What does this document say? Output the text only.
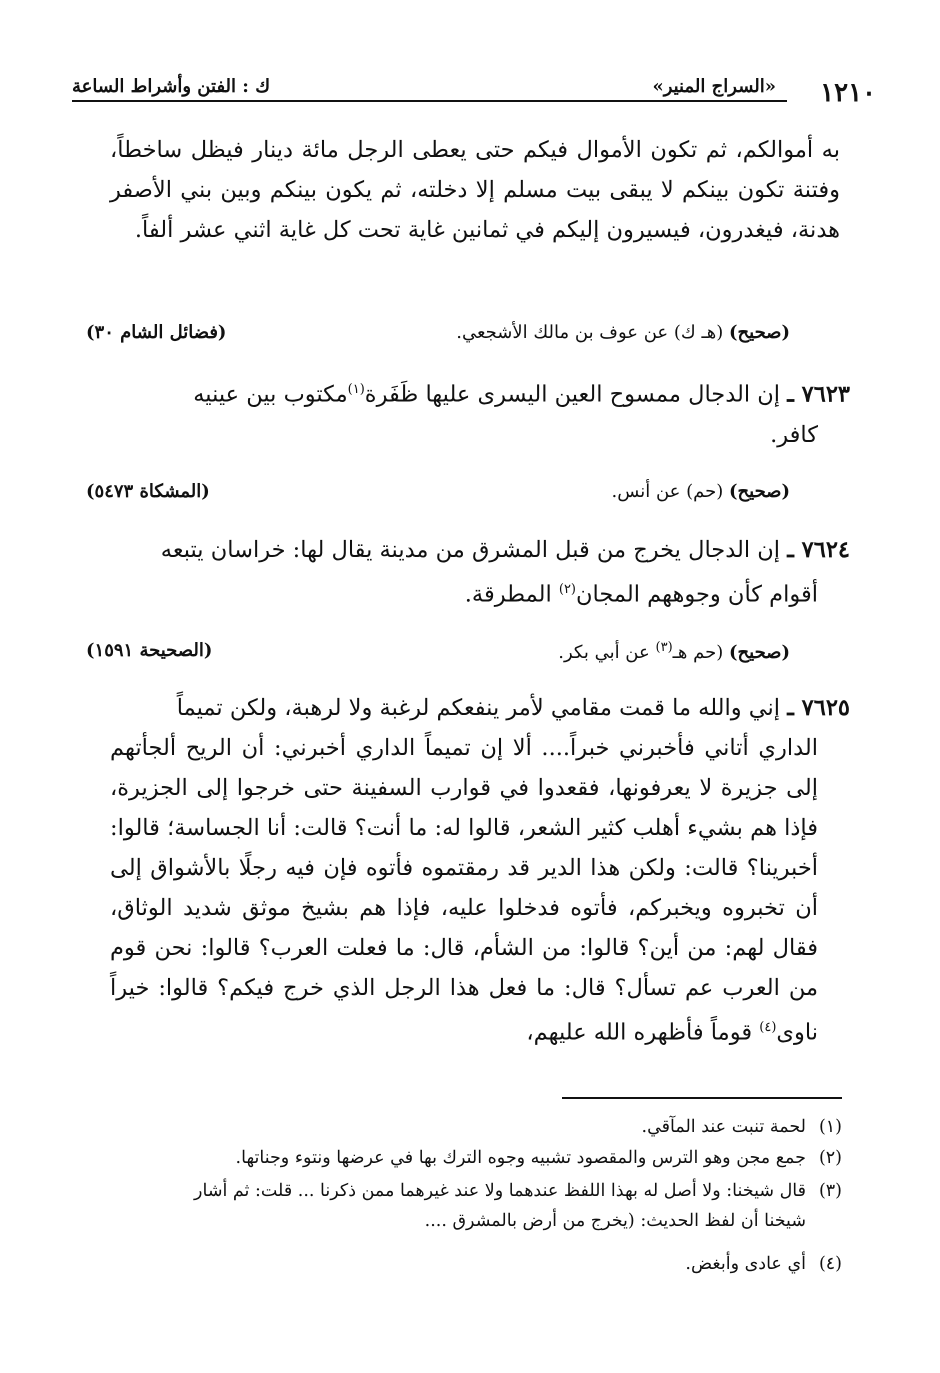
١٢١٠
«السراج المنير»
ك : الفتن وأشراط الساعة
به أموالكم، ثم تكون الأموال فيكم حتى يعطى الرجل مائة دينار فيظل ساخطاً، وفتنة تكون بينكم لا يبقى بيت مسلم إلا دخلته، ثم يكون بينكم وبين بني الأصفر هدنة، فيغدرون، فيسيرون إليكم في ثمانين غاية تحت كل غاية اثني عشر ألفاً.
(صحيح) (هـ ك) عن عوف بن مالك الأشجعي.
(فضائل الشام ٣٠)
٧٦٢٣ ـ إن الدجال ممسوح العين اليسرى عليها ظَفَرة$^{(١)}$مكتوب بين عينيه
كافر.
(صحيح) (حم) عن أنس.
(المشكاة ٥٤٧٣)
٧٦٢٤ ـ إن الدجال يخرج من قبل المشرق من مدينة يقال لها: خراسان يتبعه
أقوام كأن وجوههم المجان$^{(٢)}$ المطرقة.
(صحيح) (حم هـ$^{(٣)}$ عن أبي بكر.
(الصحيحة ١٥٩١)
٧٦٢٥ ـ إني والله ما قمت مقامي لأمر ينفعكم لرغبة ولا لرهبة، ولكن تميماً
الداري أتاني فأخبرني خبراً.... ألا إن تميماً الداري أخبرني: أن الريح ألجأتهم إلى جزيرة لا يعرفونها، فقعدوا في قوارب السفينة حتى خرجوا إلى الجزيرة، فإذا هم بشيء أهلب كثير الشعر، قالوا له: ما أنت؟ قالت: أنا الجساسة؛ قالوا: أخبرينا؟ قالت: ولكن هذا الدير قد رمقتموه فأتوه فإن فيه رجلًا بالأشواق إلى أن تخبروه ويخبركم، فأتوه فدخلوا عليه، فإذا هم بشيخ موثق شديد الوثاق، فقال لهم: من أين؟ قالوا: من الشأم، قال: ما فعلت العرب؟ قالوا: نحن قوم من العرب عم تسأل؟ قال: ما فعل هذا الرجل الذي خرج فيكم؟ قالوا: خيراً ناوى$^{(٤)}$ قوماً فأظهره الله عليهم،
(١)لحمة تنبت عند المآقي.
(٢)جمع مجن وهو الترس والمقصود تشبيه وجوه الترك بها في عرضها ونتوء وجناتها.
(٣)قال شيخنا: ولا أصل له بهذا اللفظ عندهما ولا عند غيرهما ممن ذكرنا ... قلت: ثم أشار
شيخنا أن لفظ الحديث: (يخرج من أرض بالمشرق ....
(٤)أي عادى وأبغض.
